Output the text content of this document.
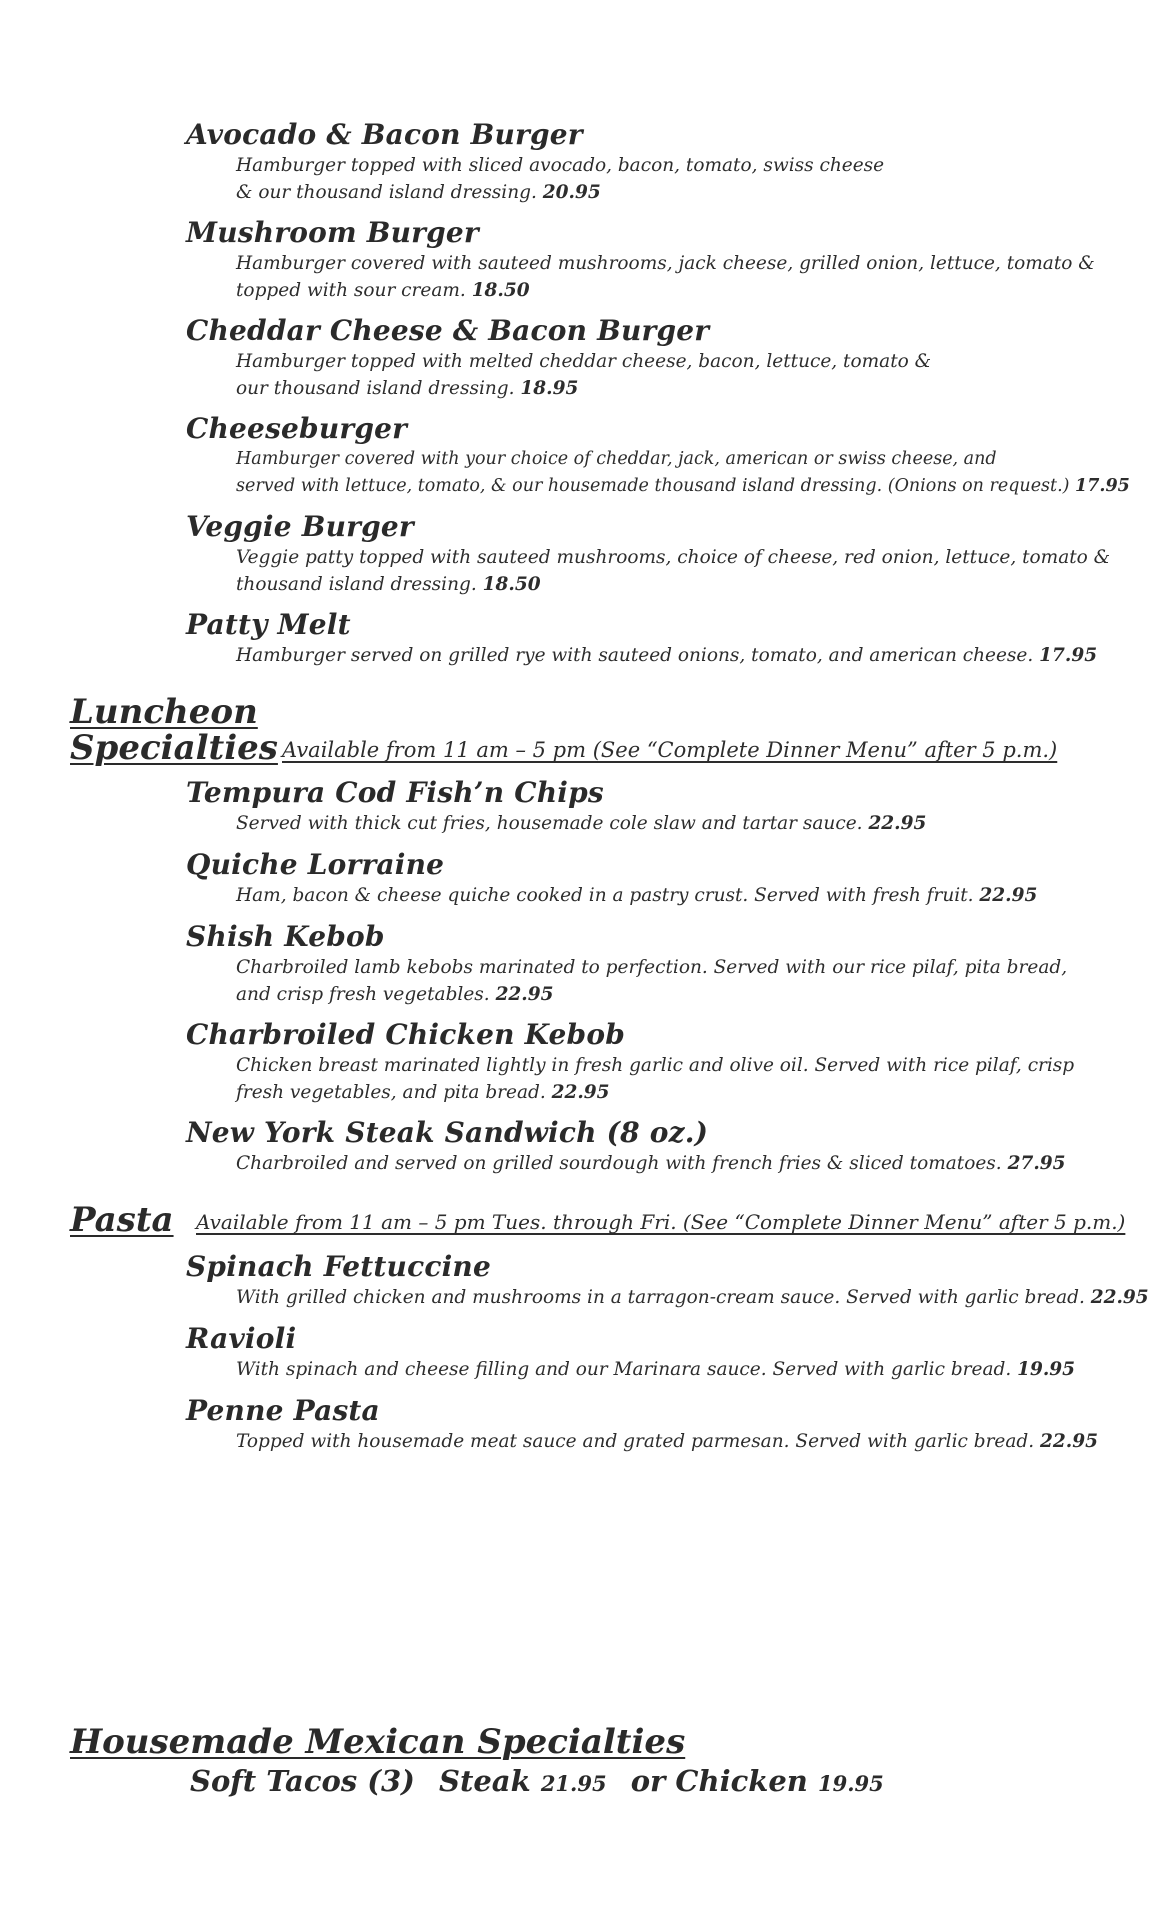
Avocado & Bacon Burger
Hamburger topped with sliced avocado, bacon, tomato, swiss cheese
& our thousand island dressing. 20.95
Mushroom Burger
Hamburger covered with sauteed mushrooms, jack cheese, grilled onion, lettuce, tomato &
topped with sour cream. 18.50
Cheddar Cheese & Bacon Burger
Hamburger topped with melted cheddar cheese, bacon, lettuce, tomato &
our thousand island dressing. 18.95
Cheeseburger
Hamburger covered with your choice of cheddar, jack, american or swiss cheese, and
served with lettuce, tomato, & our housemade thousand island dressing. (Onions on request.) 17.95
Veggie Burger
Veggie patty topped with sauteed mushrooms, choice of cheese, red onion, lettuce, tomato &
thousand island dressing. 18.50
Patty Melt
Hamburger served on grilled rye with sauteed onions, tomato, and american cheese. 17.95
Luncheon
Specialties Available from 11 am – 5 pm (See “Complete Dinner Menu” after 5 p.m.)
Tempura Cod Fish’n Chips
Served with thick cut fries, housemade cole slaw and tartar sauce. 22.95
Quiche Lorraine
Ham, bacon & cheese quiche cooked in a pastry crust. Served with fresh fruit. 22.95
Shish Kebob
Charbroiled lamb kebobs marinated to perfection. Served with our rice pilaf, pita bread,
and crisp fresh vegetables. 22.95
Charbroiled Chicken Kebob
Chicken breast marinated lightly in fresh garlic and olive oil. Served with rice pilaf, crisp
fresh vegetables, and pita bread. 22.95
New York Steak Sandwich (8 oz.)
Charbroiled and served on grilled sourdough with french fries & sliced tomatoes. 27.95
Pasta Available from 11 am – 5 pm Tues. through Fri. (See “Complete Dinner Menu” after 5 p.m.)
Spinach Fettuccine
With grilled chicken and mushrooms in a tarragon-cream sauce. Served with garlic bread. 22.95
Ravioli
With spinach and cheese filling and our Marinara sauce. Served with garlic bread. 19.95
Penne Pasta
Topped with housemade meat sauce and grated parmesan. Served with garlic bread. 22.95
Housemade Mexican Specialties
Soft Tacos (3) Steak 21.95 or Chicken 19.95
